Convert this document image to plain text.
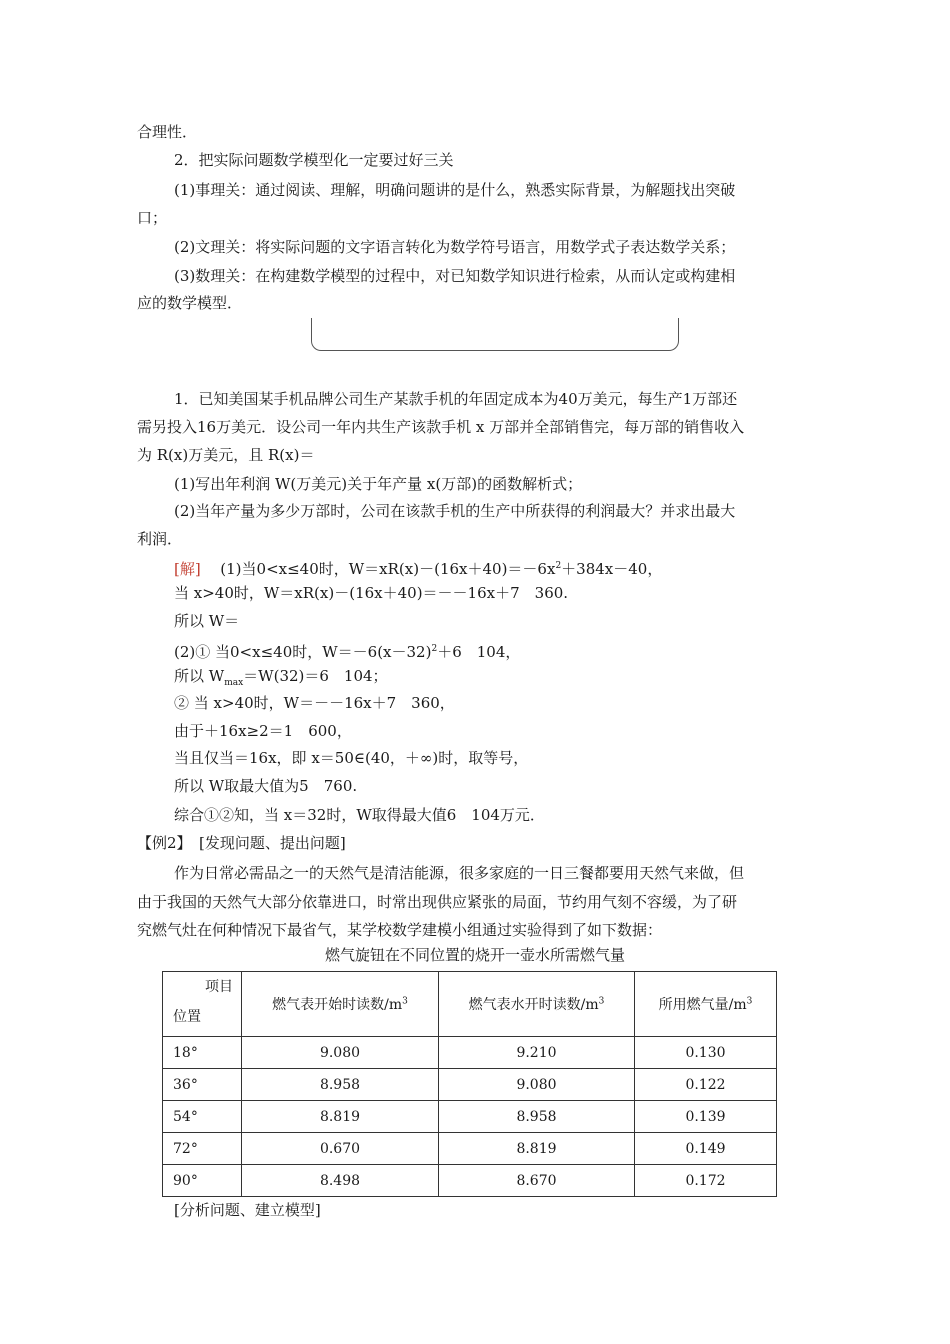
合理性．
2．把实际问题数学模型化一定要过好三关
(1)事理关：通过阅读、理解，明确问题讲的是什么，熟悉实际背景，为解题找出突破
口；
(2)文理关：将实际问题的文字语言转化为数学符号语言，用数学式子表达数学关系；
(3)数理关：在构建数学模型的过程中，对已知数学知识进行检索，从而认定或构建相
应的数学模型．
1．已知美国某手机品牌公司生产某款手机的年固定成本为40万美元，每生产1万部还
需另投入16万美元．设公司一年内共生产该款手机 x 万部并全部销售完，每万部的销售收入
为 R(x)万美元，且 R(x)＝
(1)写出年利润 W(万美元)关于年产量 x(万部)的函数解析式；
(2)当年产量为多少万部时，公司在该款手机的生产中所获得的利润最大？并求出最大
利润．
[解] (1)当0<x≤40时，$W=xR(x)-(16x+40)=-6x^2+384x-40$，
当 x>40时，W＝xR(x)－(16x＋40)＝－－16x＋7　360.
所以 W＝
(2)① 当0<x≤40时，$W=-6(x-32)^2+6$　104，
所以 $W_{max}=W(32)=6$　104；
② 当 x>40时，W＝－－16x＋7　360，
由于＋16x≥2＝1　600，
当且仅当＝16x，即 x＝50∈(40，＋∞)时，取等号，
所以 W取最大值为5　760.
综合①②知，当 x＝32时，W取得最大值6　104万元．
【例2】　[发现问题、提出问题]
作为日常必需品之一的天然气是清洁能源，很多家庭的一日三餐都要用天然气来做，但
由于我国的天然气大部分依靠进口，时常出现供应紧张的局面，节约用气刻不容缓，为了研
究燃气灶在何种情况下最省气，某学校数学建模小组通过实验得到了如下数据：
燃气旋钮在不同位置的烧开一壶水所需燃气量
项目
位置	燃气表开始时读数$/m^3$	燃气表水开时读数$/m^3$	所用燃气量$/m^3$
18°	9.080	9.210	0.130
36°	8.958	9.080	0.122
54°	8.819	8.958	0.139
72°	0.670	8.819	0.149
90°	8.498	8.670	0.172
[分析问题、建立模型]
